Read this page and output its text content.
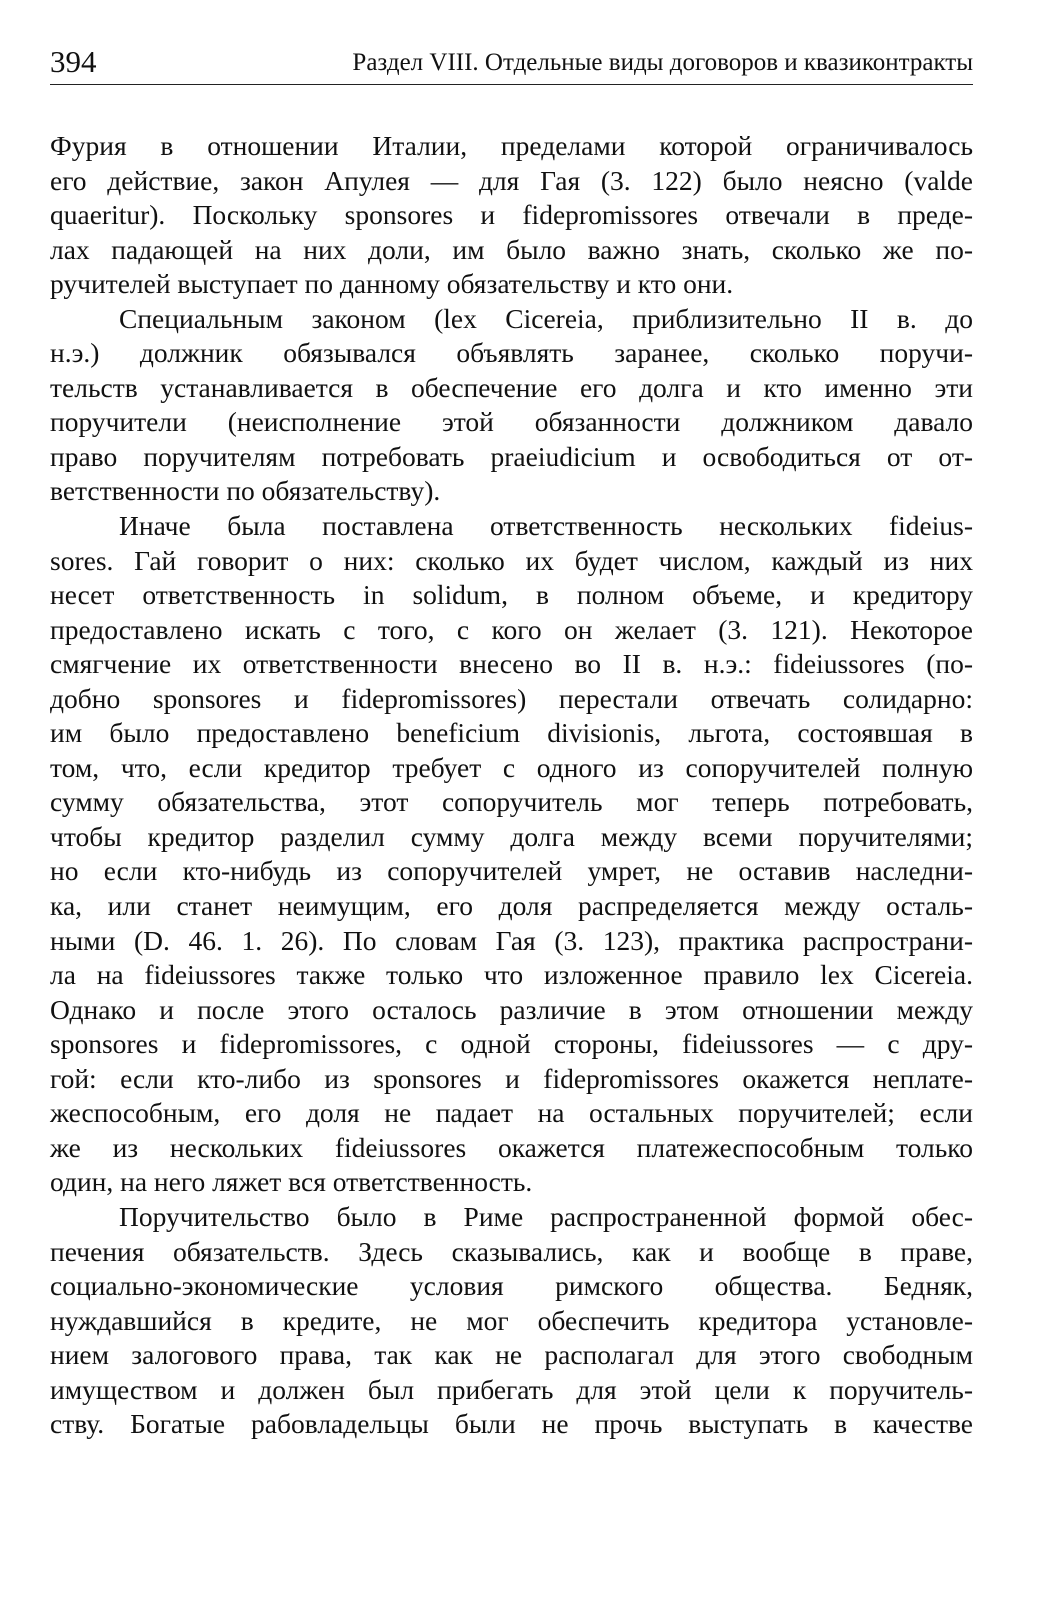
394	Раздел VIII. Отдельные виды договоров и квазиконтракты

Фурия в отношении Италии, пределами которой ограничивалось
его действие, закон Апулея — для Гая (3. 122) было неясно (valde
quaeritur). Поскольку sponsores и fidepromissores отвечали в преде-
лах падающей на них доли, им было важно знать, сколько же по-
ручителей выступает по данному обязательству и кто они.

Специальным законом (lex Cicereia, приблизительно II в. до
н.э.) должник обязывался объявлять заранее, сколько поручи-
тельств устанавливается в обеспечение его долга и кто именно эти
поручители (неисполнение этой обязанности должником давало
право поручителям потребовать praeiudicium и освободиться от от-
ветственности по обязательству).

Иначе была поставлена ответственность нескольких fideius-
sores. Гай говорит о них: сколько их будет числом, каждый из них
несет ответственность in solidum, в полном объеме, и кредитору
предоставлено искать с того, с кого он желает (3. 121). Некоторое
смягчение их ответственности внесено во II в. н.э.: fideiussores (по-
добно sponsores и fidepromissores) перестали отвечать солидарно:
им было предоставлено beneficium divisionis, льгота, состоявшая в
том, что, если кредитор требует с одного из сопоручителей полную
сумму обязательства, этот сопоручитель мог теперь потребовать,
чтобы кредитор разделил сумму долга между всеми поручителями;
но если кто-нибудь из сопоручителей умрет, не оставив наследни-
ка, или станет неимущим, его доля распределяется между осталь-
ными (D. 46. 1. 26). По словам Гая (3. 123), практика распространи-
ла на fideiussores также только что изложенное правило lex Cicereia.
Однако и после этого осталось различие в этом отношении между
sponsores и fidepromissores, с одной стороны, fideiussores — с дру-
гой: если кто-либо из sponsores и fidepromissores окажется неплате-
жеспособным, его доля не падает на остальных поручителей; если
же из нескольких fideiussores окажется платежеспособным только
один, на него ляжет вся ответственность.

Поручительство было в Риме распространенной формой обес-
печения обязательств. Здесь сказывались, как и вообще в праве,
социально-экономические условия римского общества. Бедняк,
нуждавшийся в кредите, не мог обеспечить кредитора установле-
нием залогового права, так как не располагал для этого свободным
имуществом и должен был прибегать для этой цели к поручитель-
ству. Богатые рабовладельцы были не прочь выступать в качестве
